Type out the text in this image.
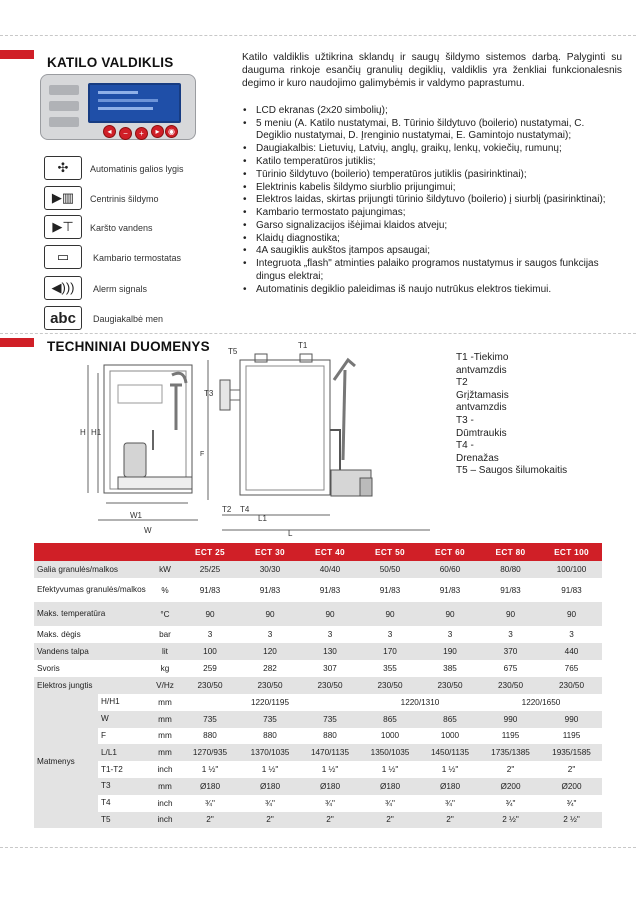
KATILO VALDIKLIS
TECHNINIAI DUOMENYS
◂	−	+	▸	◉
✣ Automatinis galios lygis
▶▥ Centrinis šildymo
▶⊤ Karšto vandens
▭	Kambario termostatas
◀))) Alerm signals
abc Daugiakalbė men
Katilo valdiklis užtikrina sklandų ir saugų šildymo sistemos darbą. Palyginti su dauguma rinkoje esančių granulių degiklių, valdiklis yra ženkliai funkcionalesnis degimo ir kuro naudojimo galimybėmis ir valdymo paprastumu.
• LCD ekranas (2x20 simbolių);
• 5 meniu (A. Katilo nustatymai, B. Tūrinio šildytuvo (boilerio) nustatymai, C. Degiklio nustatymai, D. Įrenginio nustatymai, E. Gamintojo nustatymai);
• Daugiakalbis: Lietuvių, Latvių, anglų, graikų, lenkų, vokiečių, rumunų;
• Katilo temperatūros jutiklis;
• Tūrinio šildytuvo (boilerio) temperatūros jutiklis (pasirinktinai);
• Elektrinis kabelis šildymo siurblio prijungimui;
• Elektros laidas, skirtas prijungti tūrinio šildytuvo (boilerio) į siurblį (pasirinktinai);
• Kambario termostato pajungimas;
• Garso signalizacijos išėjimai klaidos atveju;
• Klaidų diagnostika;
• 4A saugiklis aukštos įtampos apsaugai;
• Integruota „flash" atminties palaiko programos nustatymus ir saugos funkcijas dingus elektrai;
• Automatinis degiklio paleidimas iš naujo nutrūkus elektros tiekimui.
H H1
W1
W
T5
T1
T3
F
T2 T4
L1
L
T1 -Tiekimo
antvamzdis
T2
Grįžtamasis
antvamzdis
T3 -
Dūmtraukis
T4 -
Drenažas
T5 – Saugos šilumokaitis
			ECT 25	ECT 30	ECT 40	ECT 50	ECT 60	ECT 80	ECT 100
Galia granulės/malkos		kW	25/25	30/30	40/40	50/50	60/60	80/80	100/100
Efektyvumas granulės/malkos		%	91/83	91/83	91/83	91/83	91/83	91/83	91/83
Maks. temperatūra		°C	90	90	90	90	90	90	90
Maks. dėgis		bar	3	3	3	3	3	3	3
Vandens talpa		lit	100	120	130	170	190	370	440
Svoris		kg	259	282	307	355	385	675	765
Elektros jungtis		V/Hz	230/50	230/50	230/50	230/50	230/50	230/50	230/50
Matmenys	H/H1	mm	1220/1195			1220/1310		1220/1650	
	W	mm	735	735	735	865	865	990	990
	F	mm	880	880	880	1000	1000	1195	1195
	L/L1	mm	1270/935	1370/1035	1470/1135	1350/1035	1450/1135	1735/1385	1935/1585
	T1-T2	inch	1 ½"	1 ½"	1 ½"	1 ½"	1 ½"	2"	2"
	T3	mm	Ø180	Ø180	Ø180	Ø180	Ø180	Ø200	Ø200
	T4	inch	¾"	¾"	¾"	¾"	¾"	¾"	¾"
	T5	inch	2"	2"	2"	2"	2"	2 ½"	2 ½"
